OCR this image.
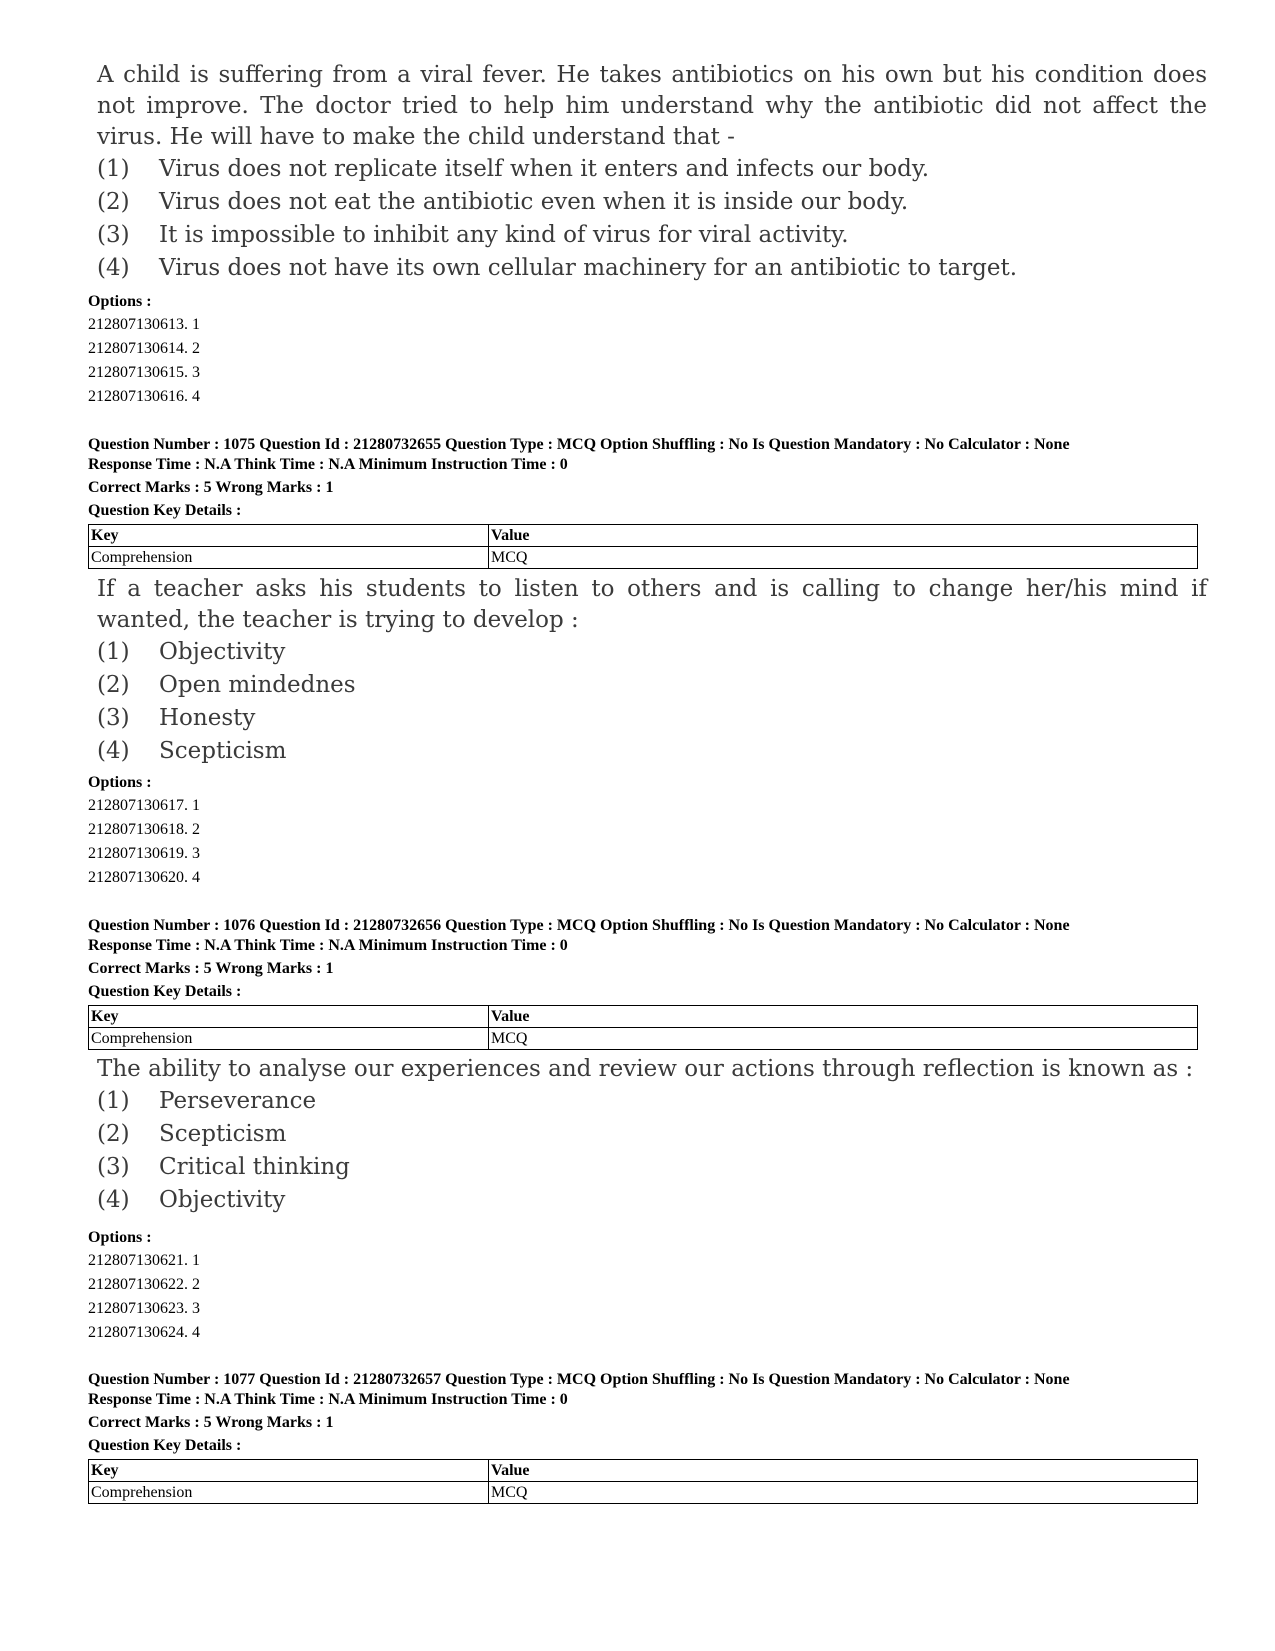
A child is suffering from a viral fever. He takes antibiotics on his own but his condition does not improve. The doctor tried to help him understand why the antibiotic did not affect the virus. He will have to make the child understand that -

(1)	Virus does not replicate itself when it enters and infects our body.
(2)	Virus does not eat the antibiotic even when it is inside our body.
(3)	It is impossible to inhibit any kind of virus for viral activity.
(4)	Virus does not have its own cellular machinery for an antibiotic to target.
Options :
212807130613. 1
212807130614. 2
212807130615. 3
212807130616. 4
Question Number : 1075 Question Id : 21280732655 Question Type : MCQ Option Shuffling : No Is Question Mandatory : No Calculator : None
Response Time : N.A Think Time : N.A Minimum Instruction Time : 0
Correct Marks : 5 Wrong Marks : 1
Question Key Details :
Key	Value
Comprehension	MCQ

If a teacher asks his students to listen to others and is calling to change her/his mind if wanted, the teacher is trying to develop :

(1)	Objectivity
(2)	Open mindednes
(3)	Honesty
(4)	Scepticism
Options :
212807130617. 1
212807130618. 2
212807130619. 3
212807130620. 4
Question Number : 1076 Question Id : 21280732656 Question Type : MCQ Option Shuffling : No Is Question Mandatory : No Calculator : None
Response Time : N.A Think Time : N.A Minimum Instruction Time : 0
Correct Marks : 5 Wrong Marks : 1
Question Key Details :
Key	Value
Comprehension	MCQ

The ability to analyse our experiences and review our actions through reflection is known as :

(1)	Perseverance
(2)	Scepticism
(3)	Critical thinking
(4)	Objectivity
Options :
212807130621. 1
212807130622. 2
212807130623. 3
212807130624. 4
Question Number : 1077 Question Id : 21280732657 Question Type : MCQ Option Shuffling : No Is Question Mandatory : No Calculator : None
Response Time : N.A Think Time : N.A Minimum Instruction Time : 0
Correct Marks : 5 Wrong Marks : 1
Question Key Details :
Key	Value
Comprehension	MCQ
